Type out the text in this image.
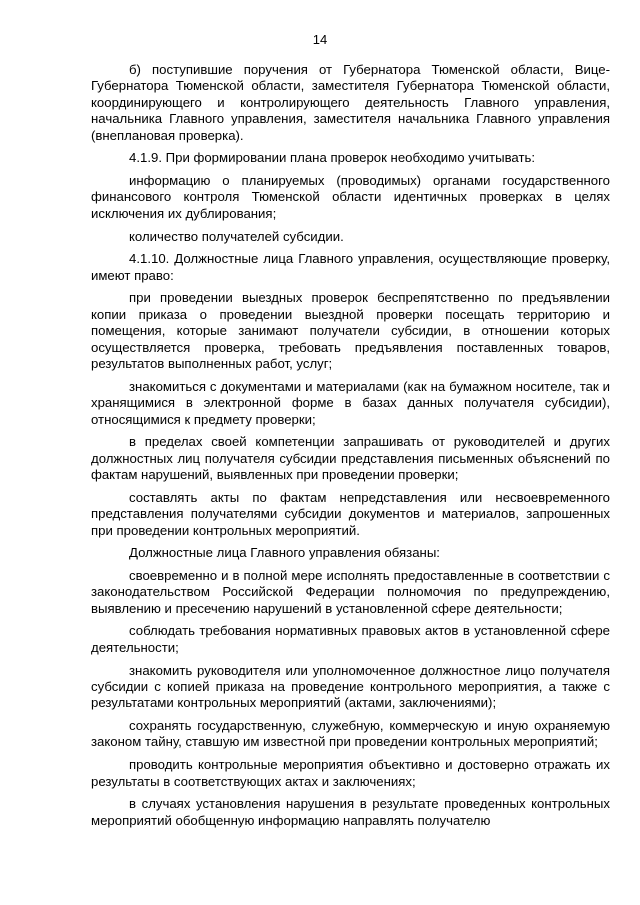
14

б) поступившие поручения от Губернатора Тюменской области, Вице-Губернатора Тюменской области, заместителя Губернатора Тюменской области, координирующего и контролирующего деятельность Главного управления, начальника Главного управления, заместителя начальника Главного управления (внеплановая проверка).

4.1.9. При формировании плана проверок необходимо учитывать:

информацию о планируемых (проводимых) органами государственного финансового контроля Тюменской области идентичных проверках в целях исключения их дублирования;

количество получателей субсидии.

4.1.10. Должностные лица Главного управления, осуществляющие проверку, имеют право:

при проведении выездных проверок беспрепятственно по предъявлении копии приказа о проведении выездной проверки посещать территорию и помещения, которые занимают получатели субсидии, в отношении которых осуществляется проверка, требовать предъявления поставленных товаров, результатов выполненных работ, услуг;

знакомиться с документами и материалами (как на бумажном носителе, так и хранящимися в электронной форме в базах данных получателя субсидии), относящимися к предмету проверки;

в пределах своей компетенции запрашивать от руководителей и других должностных лиц получателя субсидии представления письменных объяснений по фактам нарушений, выявленных при проведении проверки;

составлять акты по фактам непредставления или несвоевременного представления получателями субсидии документов и материалов, запрошенных при проведении контрольных мероприятий.

Должностные лица Главного управления обязаны:

своевременно и в полной мере исполнять предоставленные в соответствии с законодательством Российской Федерации полномочия по предупреждению, выявлению и пресечению нарушений в установленной сфере деятельности;

соблюдать требования нормативных правовых актов в установленной сфере деятельности;

знакомить руководителя или уполномоченное должностное лицо получателя субсидии с копией приказа на проведение контрольного мероприятия, а также с результатами контрольных мероприятий (актами, заключениями);

сохранять государственную, служебную, коммерческую и иную охраняемую законом тайну, ставшую им известной при проведении контрольных мероприятий;

проводить контрольные мероприятия объективно и достоверно отражать их результаты в соответствующих актах и заключениях;

в случаях установления нарушения в результате проведенных контрольных мероприятий обобщенную информацию направлять получателю
